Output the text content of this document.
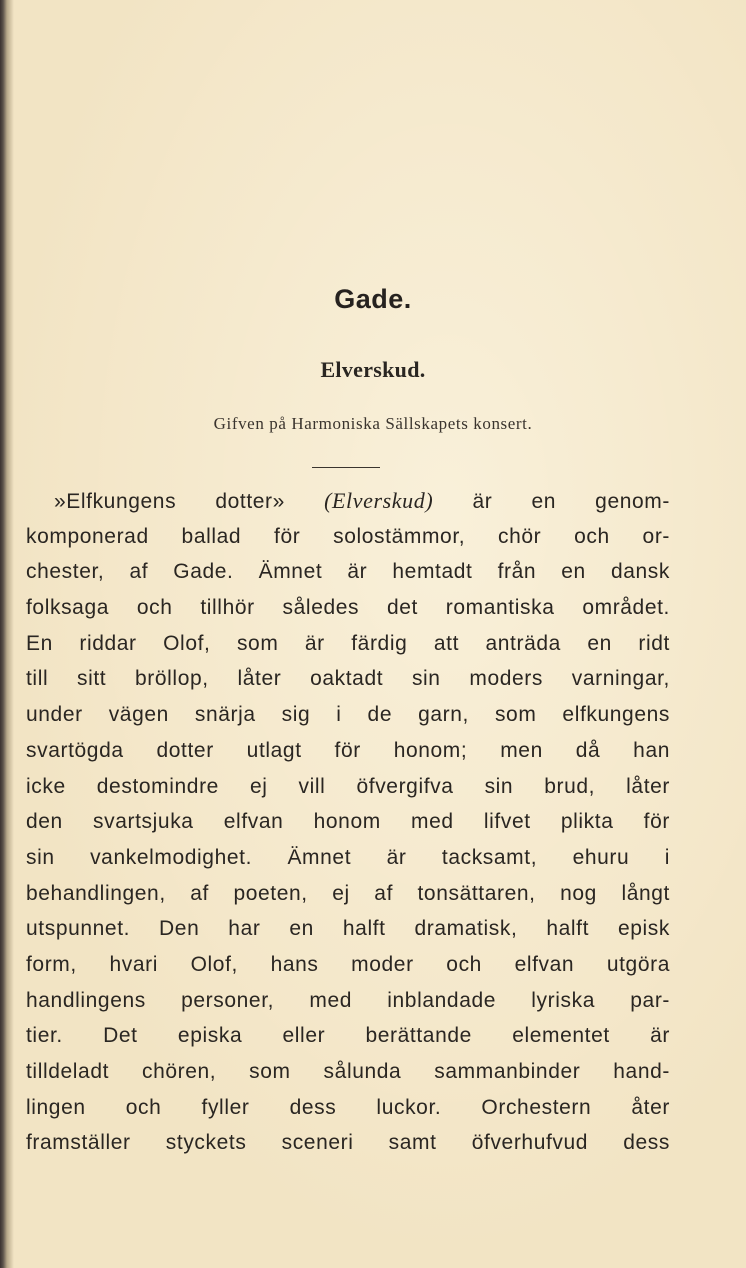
Gade.
Elverskud.
Gifven på Harmoniska Sällskapets konsert.
»Elfkungens dotter» (Elverskud) är en genom-
komponerad ballad för solostämmor, chör och or-
chester, af Gade. Ämnet är hemtadt från en dansk
folksaga och tillhör således det romantiska området.
En riddar Olof, som är färdig att anträda en ridt
till sitt bröllop, låter oaktadt sin moders varningar,
under vägen snärja sig i de garn, som elfkungens
svartögda dotter utlagt för honom; men då han
icke destomindre ej vill öfvergifva sin brud, låter
den svartsjuka elfvan honom med lifvet plikta för
sin vankelmodighet. Ämnet är tacksamt, ehuru i
behandlingen, af poeten, ej af tonsättaren, nog långt
utspunnet. Den har en halft dramatisk, halft episk
form, hvari Olof, hans moder och elfvan utgöra
handlingens personer, med inblandade lyriska par-
tier. Det episka eller berättande elementet är
tilldeladt chören, som sålunda sammanbinder hand-
lingen och fyller dess luckor. Orchestern åter
framställer styckets sceneri samt öfverhufvud dess
